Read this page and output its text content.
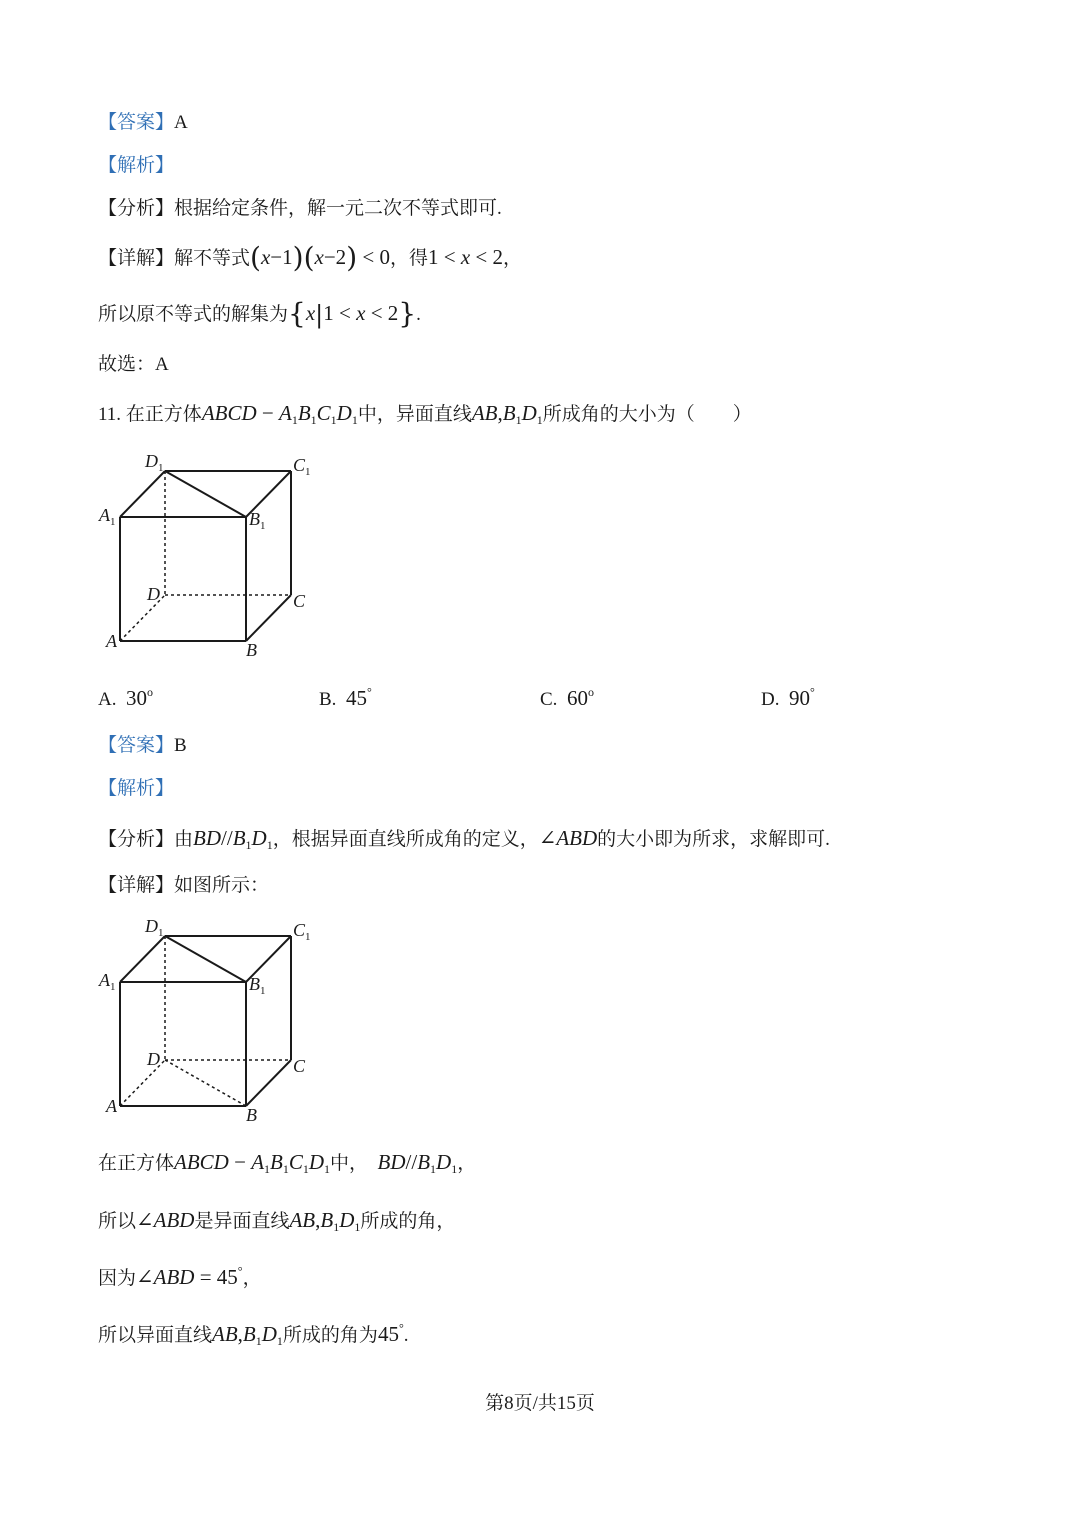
【答案】A
【解析】
【分析】根据给定条件，解一元二次不等式即可.
【详解】解不等式(x−1)(x−2) < 0，得1 < x < 2，
所以原不等式的解集为{x|1 < x < 2}.
故选：A
11. 在正方体ABCD − $A_1B_1C_1D_1$中，异面直线$AB,B_1D_1$所成角的大小为（　　）
$D_1$	$C_1$
$A_1$	$B_1$
D	C
A	B
A. 30$^o$	B. 45°	C. 60$^o$	D. 90°
【答案】B
【解析】
【分析】由$BD//B_1D_1$，根据异面直线所成角的定义，∠ABD的大小即为所求，求解即可.
【详解】如图所示：
$D_1$	$C_1$
$A_1$	$B_1$
D	C
A	B
在正方体ABCD − $A_1B_1C_1D_1$中， $BD//B_1D_1$，
所以∠ABD是异面直线$AB,B_1D_1$所成的角，
因为∠ABD = 45°，
所以异面直线$AB,B_1D_1$所成的角为45°.
第8页/共15页
